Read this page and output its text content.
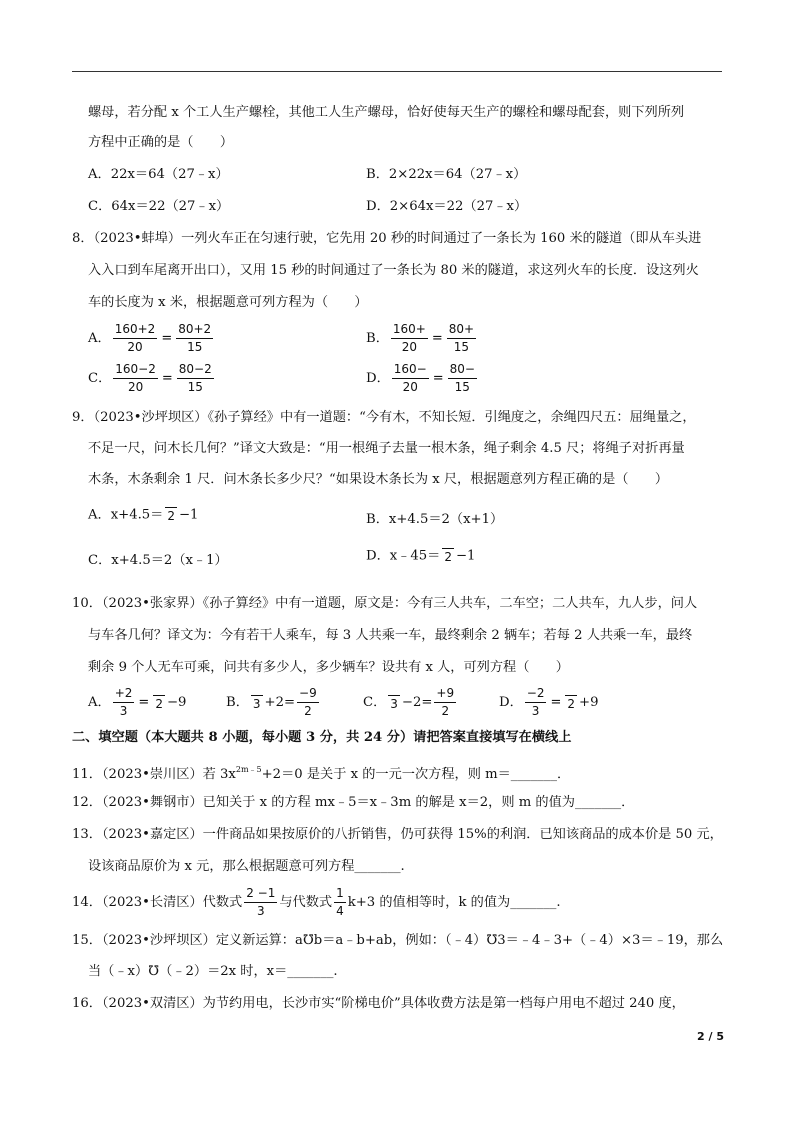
螺母，若分配 x 个工人生产螺栓，其他工人生产螺母，恰好使每天生产的螺栓和螺母配套，则下列所列
方程中正确的是（　　）
A．22x＝64（27﹣x）	B．2×22x＝64（27﹣x）
C．64x＝22（27﹣x）	D．2×64x＝22（27﹣x）
8．（2023•蚌埠）一列火车正在匀速行驶，它先用 20 秒的时间通过了一条长为 160 米的隧道（即从车头进
入入口到车尾离开出口），又用 15 秒的时间通过了一条长为 80 米的隧道，求这列火车的长度．设这列火
车的长度为 x 米，根据题意可列方程为（　　）
A． $\frac{160+2}{20} = \frac{80+2}{15}$	B． $\frac{160+}{20} = \frac{80+}{15}$
C． $\frac{160-2}{20} = \frac{80-2}{15}$	D． $\frac{160-}{20} = \frac{80-}{15}$
9．（2023•沙坪坝区）《孙子算经》中有一道题：“今有木，不知长短．引绳度之，余绳四尺五：屈绳量之，
不足一尺，问木长几何？”译文大致是：“用一根绳子去量一根木条，绳子剩余 4.5 尺；将绳子对折再量
木条，木条剩余 1 尺．问木条长多少尺？“如果设木条长为 x 尺，根据题意列方程正确的是（　　）
A．x+4.5＝ 2 −1	B．x+4.5＝2（x+1）
C．x+4.5＝2（x﹣1）	D．x﹣45＝ 2 −1
10．（2023•张家界）《孙子算经》中有一道题，原文是：今有三人共车，二车空；二人共车，九人步，问人
与车各几何？译文为：今有若干人乘车，每 3 人共乘一车，最终剩余 2 辆车；若每 2 人共乘一车，最终
剩余 9 个人无车可乘，问共有多少人，多少辆车？设共有 x 人，可列方程（　　）
A． $\frac{+2}{3} = 2 -9$	B． $3 +2= \frac{-9}{2}$	C． $3 -2= \frac{+9}{2}$	D． $\frac{-2}{3} = 2 +9$
二、填空题（本大题共 8 小题，每小题 3 分，共 24 分）请把答案直接填写在横线上
11．（2023•崇川区）若 $3x^{2m﹣5}+2=0$ 是关于 x 的一元一次方程，则 m＝_______．
12．（2023•舞钢市）已知关于 x 的方程 mx﹣5＝x﹣3m 的解是 x＝2，则 m 的值为_______．
13．（2023•嘉定区）一件商品如果按原价的八折销售，仍可获得 15%的利润．已知该商品的成本价是 50 元，
设该商品原价为 x 元，那么根据题意可列方程_______.
14．（2023•长清区）代数式 $\frac{2 -1}{3}$ 与代数式 $\frac{1}{4} k+3$ 的值相等时，k 的值为_______.
15．（2023•沙坪坝区）定义新运算：a℧b＝a﹣b+ab，例如：（﹣4）℧3＝﹣4﹣3+（﹣4）×3＝﹣19，那么
当（﹣x）℧（﹣2）＝2x 时，x＝_______.
16．（2023•双清区）为节约用电，长沙市实“阶梯电价”具体收费方法是第一档每户用电不超过 240 度，
2 / 5
